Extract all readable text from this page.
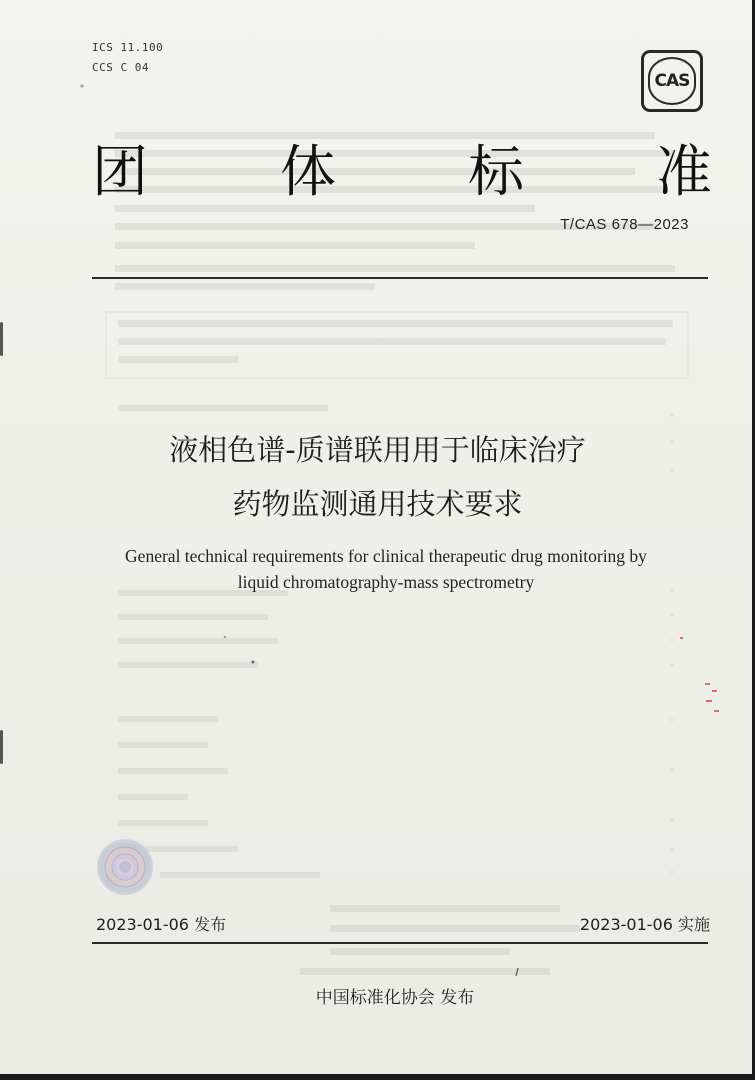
ICS 11.100
CCS C 04
CAS
团 体 标 准
T/CAS 678—2023
液相色谱-质谱联用用于临床治疗
药物监测通用技术要求
General technical requirements for clinical therapeutic drug monitoring by
liquid chromatography-mass spectrometry
2023-01-06 发布	2023-01-06 实施
中国标准化协会 发布
